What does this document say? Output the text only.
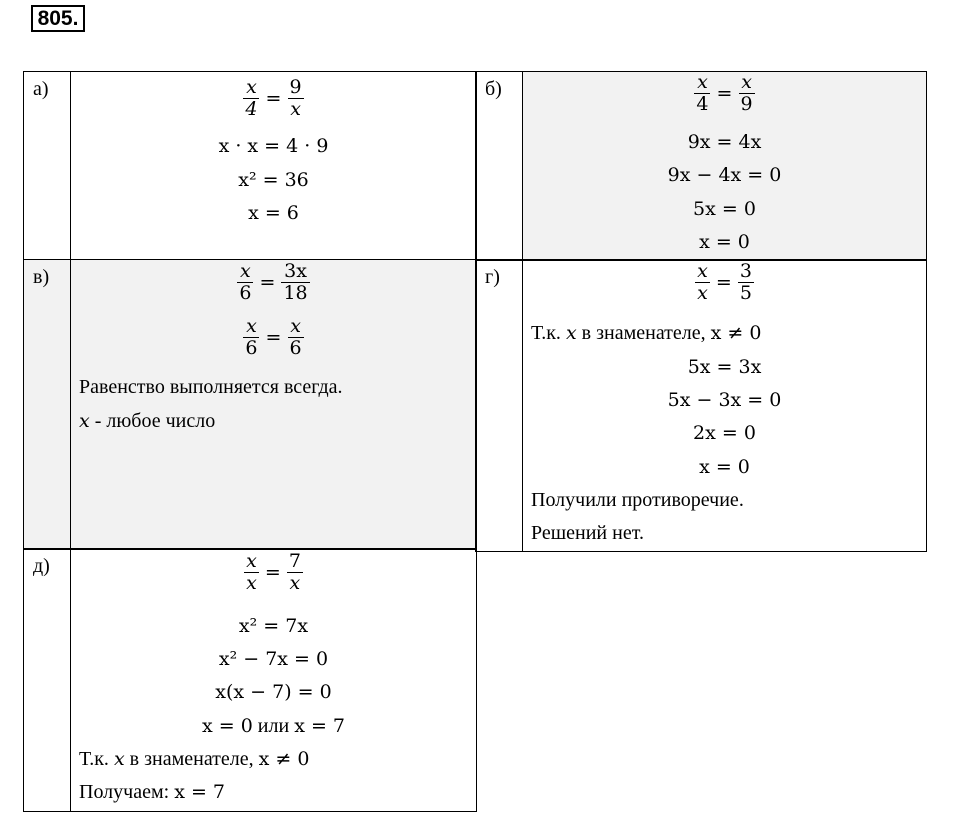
805.
а)	$\frac{x}{4} = \frac{9}{x}$
x · x = 4 · 9
x² = 36
x = 6
б)	$\frac{x}{4} = \frac{x}{9}$
9x = 4x
9x − 4x = 0
5x = 0
x = 0
в)	$\frac{x}{6} = \frac{3x}{18}$
$\frac{x}{6} = \frac{x}{6}$
Равенство выполняется всегда.
x - любое число
г)	$\frac{x}{x} = \frac{3}{5}$
Т.к. x в знаменателе, x ≠ 0
5x = 3x
5x − 3x = 0
2x = 0
x = 0
Получили противоречие.
Решений нет.
д)	$\frac{x}{x} = \frac{7}{x}$
x² = 7x
x² − 7x = 0
x(x − 7) = 0
x = 0 или x = 7
Т.к. x в знаменателе, x ≠ 0
Получаем: x = 7
